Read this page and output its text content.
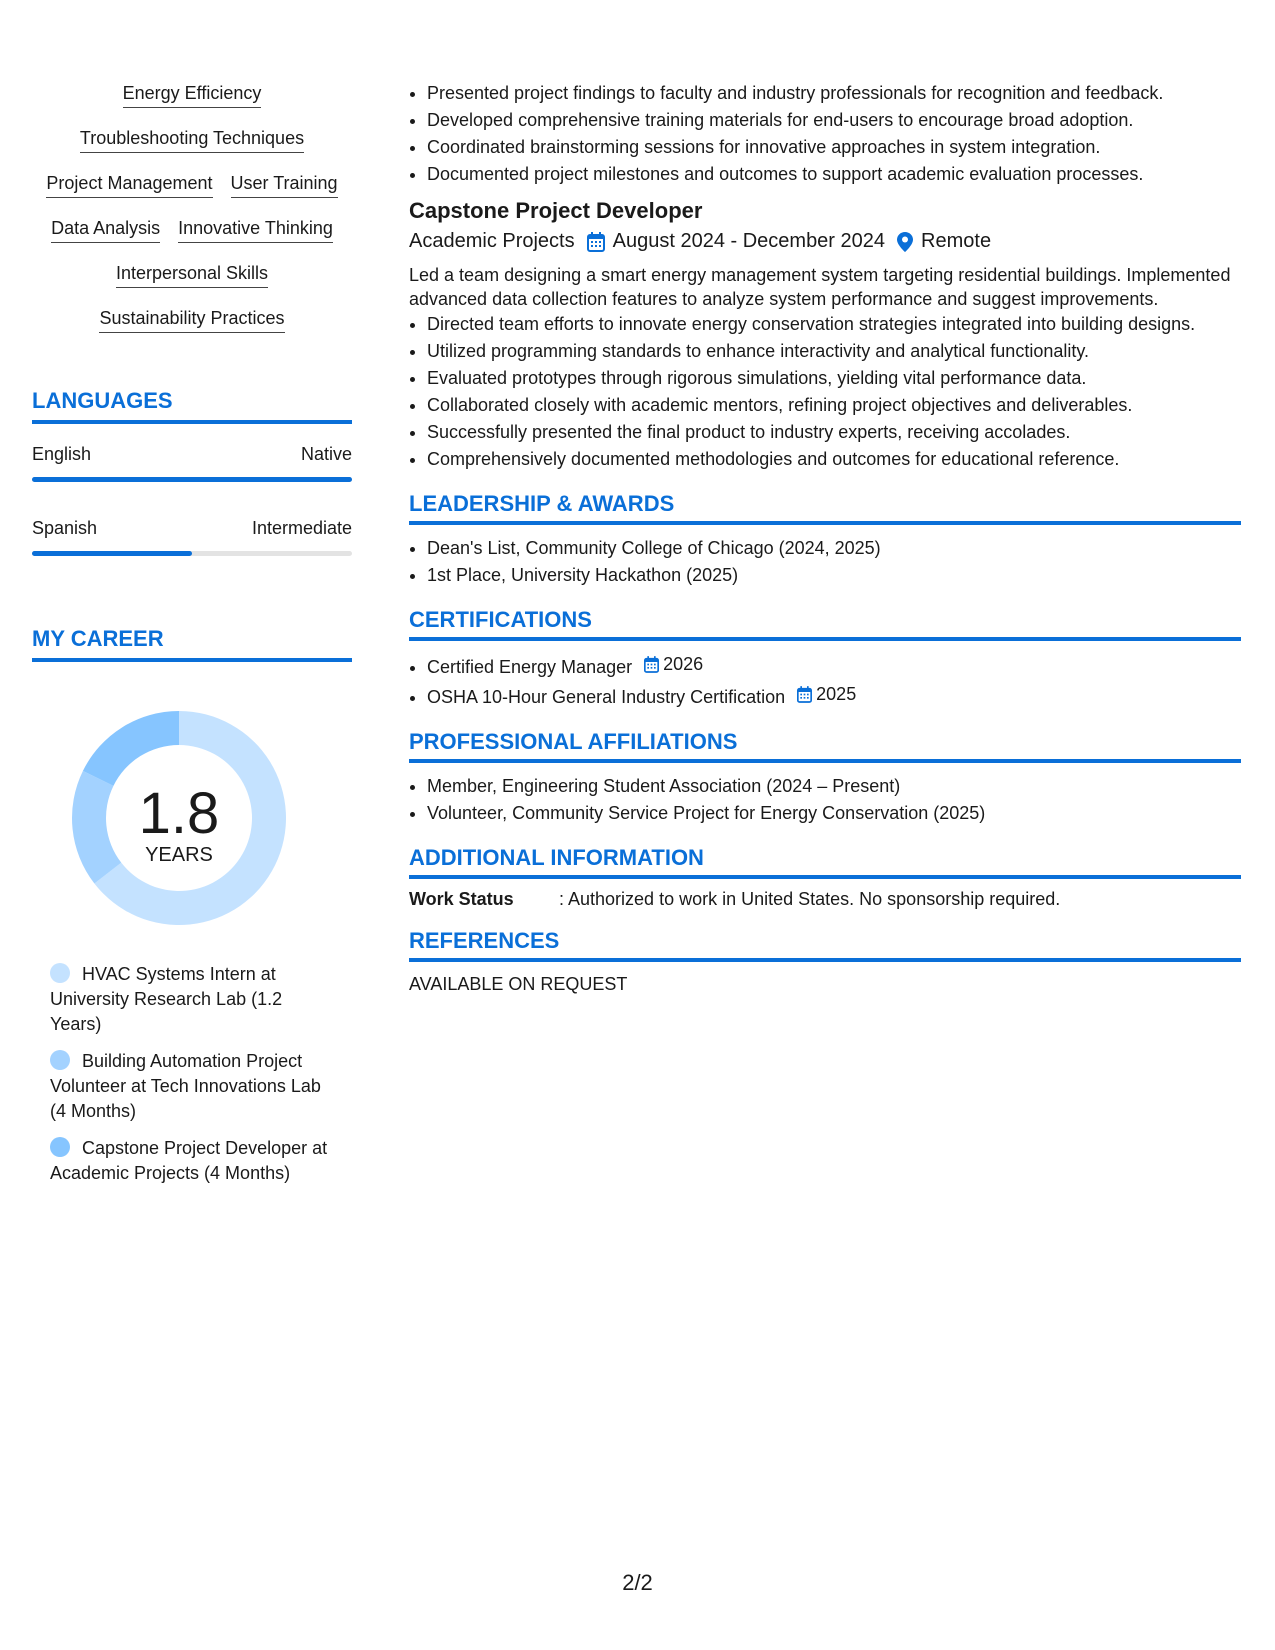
Energy Efficiency
Troubleshooting Techniques
Project Management User Training
Data Analysis Innovative Thinking
Interpersonal Skills
Sustainability Practices
LANGUAGES
English	Native
Spanish	Intermediate
MY CAREER
1.8
YEARS
HVAC Systems Intern at University Research Lab (1.2 Years)
Building Automation Project Volunteer at Tech Innovations Lab (4 Months)
Capstone Project Developer at Academic Projects (4 Months)
• Presented project findings to faculty and industry professionals for recognition and feedback.
• Developed comprehensive training materials for end-users to encourage broad adoption.
• Coordinated brainstorming sessions for innovative approaches in system integration.
• Documented project milestones and outcomes to support academic evaluation processes.
Capstone Project Developer
Academic Projects August 2024 - December 2024 Remote
Led a team designing a smart energy management system targeting residential buildings. Implemented advanced data collection features to analyze system performance and suggest improvements.
• Directed team efforts to innovate energy conservation strategies integrated into building designs.
• Utilized programming standards to enhance interactivity and analytical functionality.
• Evaluated prototypes through rigorous simulations, yielding vital performance data.
• Collaborated closely with academic mentors, refining project objectives and deliverables.
• Successfully presented the final product to industry experts, receiving accolades.
• Comprehensively documented methodologies and outcomes for educational reference.
LEADERSHIP & AWARDS
• Dean's List, Community College of Chicago (2024, 2025)
• 1st Place, University Hackathon (2025)
CERTIFICATIONS
• Certified Energy Manager 2026
• OSHA 10-Hour General Industry Certification 2025
PROFESSIONAL AFFILIATIONS
• Member, Engineering Student Association (2024 – Present)
• Volunteer, Community Service Project for Energy Conservation (2025)
ADDITIONAL INFORMATION
Work Status	: Authorized to work in United States. No sponsorship required.
REFERENCES
AVAILABLE ON REQUEST
2/2
